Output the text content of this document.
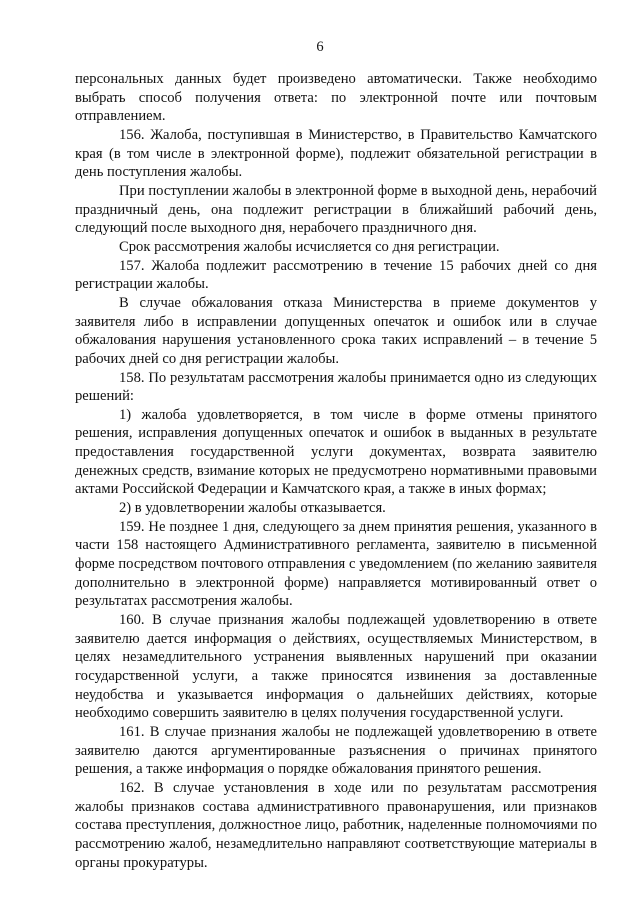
6

персональных данных будет произведено автоматически. Также необходимо выбрать способ получения ответа: по электронной почте или почтовым отправлением.

156. Жалоба, поступившая в Министерство, в Правительство Камчатского края (в том числе в электронной форме), подлежит обязательной регистрации в день поступления жалобы.

При поступлении жалобы в электронной форме в выходной день, нерабочий праздничный день, она подлежит регистрации в ближайший рабочий день, следующий после выходного дня, нерабочего праздничного дня.

Срок рассмотрения жалобы исчисляется со дня регистрации.

157. Жалоба подлежит рассмотрению в течение 15 рабочих дней со дня регистрации жалобы.

В случае обжалования отказа Министерства в приеме документов у заявителя либо в исправлении допущенных опечаток и ошибок или в случае обжалования нарушения установленного срока таких исправлений – в течение 5 рабочих дней со дня регистрации жалобы.

158. По результатам рассмотрения жалобы принимается одно из следующих решений:

1) жалоба удовлетворяется, в том числе в форме отмены принятого решения, исправления допущенных опечаток и ошибок в выданных в результате предоставления государственной услуги документах, возврата заявителю денежных средств, взимание которых не предусмотрено нормативными правовыми актами Российской Федерации и Камчатского края, а также в иных формах;

2) в удовлетворении жалобы отказывается.

159. Не позднее 1 дня, следующего за днем принятия решения, указанного в части 158 настоящего Административного регламента, заявителю в письменной форме посредством почтового отправления с уведомлением (по желанию заявителя дополнительно в электронной форме) направляется мотивированный ответ о результатах рассмотрения жалобы.

160. В случае признания жалобы подлежащей удовлетворению в ответе заявителю дается информация о действиях, осуществляемых Министерством, в целях незамедлительного устранения выявленных нарушений при оказании государственной услуги, а также приносятся извинения за доставленные неудобства и указывается информация о дальнейших действиях, которые необходимо совершить заявителю в целях получения государственной услуги.

161. В случае признания жалобы не подлежащей удовлетворению в ответе заявителю даются аргументированные разъяснения о причинах принятого решения, а также информация о порядке обжалования принятого решения.

162. В случае установления в ходе или по результатам рассмотрения жалобы признаков состава административного правонарушения, или признаков состава преступления, должностное лицо, работник, наделенные полномочиями по рассмотрению жалоб, незамедлительно направляют соответствующие материалы в органы прокуратуры.
